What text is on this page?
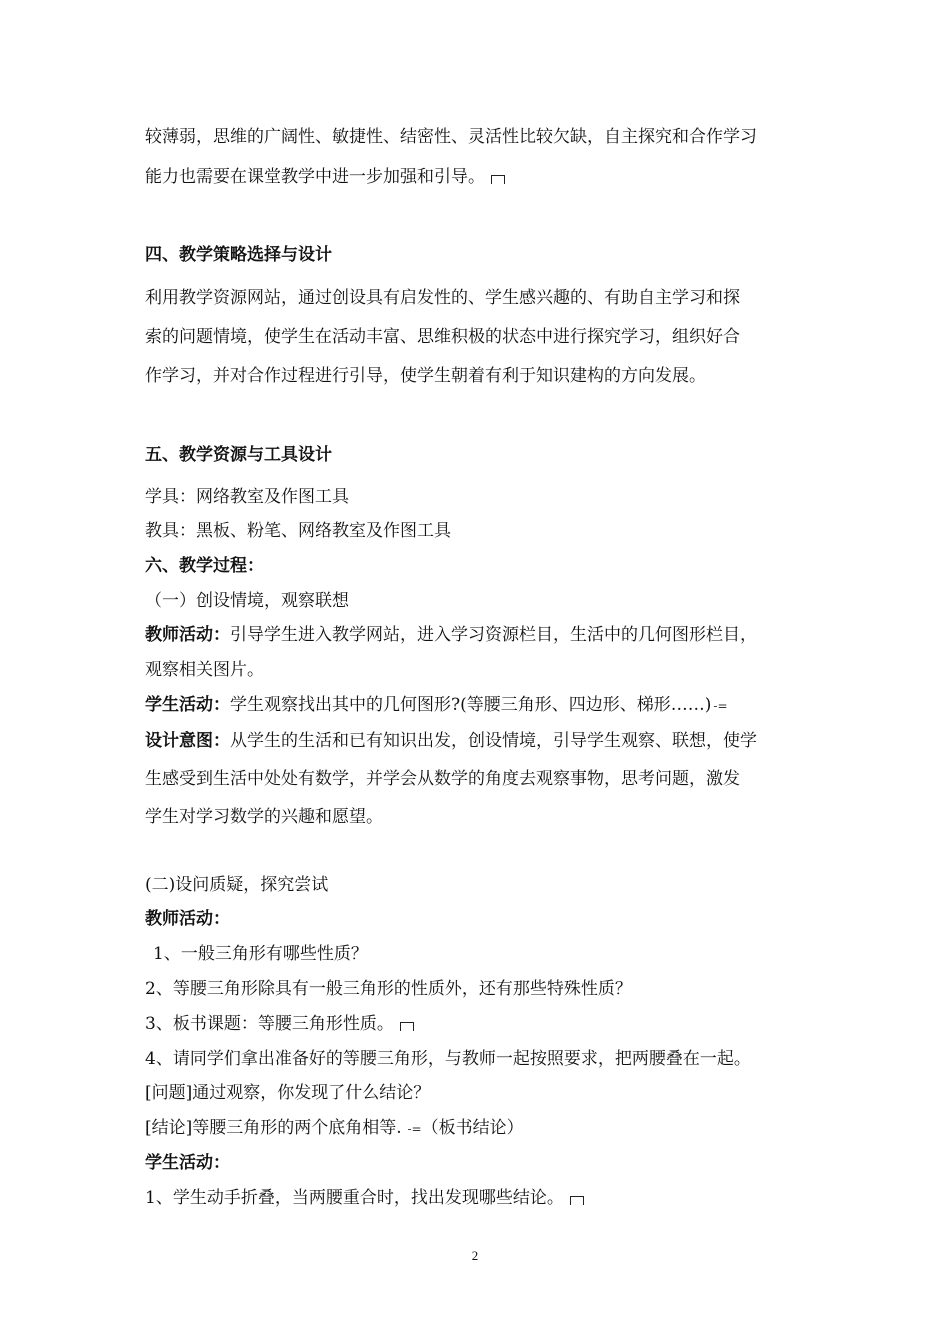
较薄弱，思维的广阔性、敏捷性、结密性、灵活性比较欠缺，自主探究和合作学习
能力也需要在课堂教学中进一步加强和引导。
四、教学策略选择与设计
利用教学资源网站，通过创设具有启发性的、学生感兴趣的、有助自主学习和探
索的问题情境，使学生在活动丰富、思维积极的状态中进行探究学习，组织好合
作学习，并对合作过程进行引导，使学生朝着有利于知识建构的方向发展。
五、教学资源与工具设计
学具：网络教室及作图工具
教具：黑板、粉笔、网络教室及作图工具
六、教学过程：
（一）创设情境，观察联想
教师活动：引导学生进入教学网站，进入学习资源栏目，生活中的几何图形栏目，
观察相关图片。
学生活动：学生观察找出其中的几何图形?(等腰三角形、四边形、梯形……) -=
设计意图：从学生的生活和已有知识出发，创设情境，引导学生观察、联想，使学
生感受到生活中处处有数学，并学会从数学的角度去观察事物，思考问题，激发
学生对学习数学的兴趣和愿望。
(二)设问质疑，探究尝试
教师活动：
1、一般三角形有哪些性质？
2、等腰三角形除具有一般三角形的性质外，还有那些特殊性质？
3、板书课题：等腰三角形性质。
4、请同学们拿出准备好的等腰三角形，与教师一起按照要求，把两腰叠在一起。
[问题]通过观察，你发现了什么结论？
[结论]等腰三角形的两个底角相等. -=（板书结论）
学生活动：
1、学生动手折叠，当两腰重合时，找出发现哪些结论。
2
